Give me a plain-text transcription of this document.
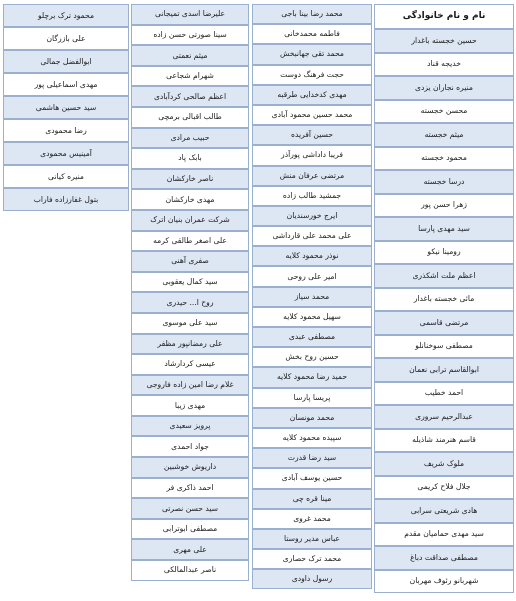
نام و نام خانوادگی
حسین خجسته باغدار
خدیجه قناد
منیره نجاران یزدی
محسن خجسته
میثم خجسته
محمود خجسته
درسا خجسته
زهرا حسن پور
سید مهدی پارسا
رومینا نیکو
اعظم ملت اشکذری
مائی خجسته باغدار
مرتضی قاسمی
مصطفی سوخنانلو
ابوالقاسم ترابی نعمان
احمد خطیب
عبدالرحیم سروری
قاسم هنرمند شاذیله
ملوک شریف
جلال فلاح کریمی
هادی شریعتی سرابی
سید مهدی حمامیان مقدم
مصطفی صداقت دباغ
شهربانو رئوف مهربان
محمد رضا بینا باجی
فاطمه محمدخانی
محمد تقی جهانبخش
حجت فرهنگ دوست
مهدی کدخدایی طرقبه
محمد حسین محمود آبادی
حسین آفریده
فریبا داداشی پورآذر
مرتضی عرفان منش
جمشید طالب زاده
ایرج خورسندیان
علی محمد علی قارداشی
نوذر محمود کلایه
امیر علی روحی
محمد سیاز
سهیل محمود کلایه
مصطفی عبدی
حسین روح بخش
حمید رضا محمود کلایه
پریسا پارسا
محمد مونسان
سپیده محمود کلایه
سید رضا قدرت
حسین یوسف آبادی
مینا قره چی
محمد غروی
عباس مدیر روستا
محمد ترک حصاری
رسول داودی
علیرضا اسدی تمیجانی
سینا صورتی حسن زاده
میثم نعمتی
شهرام شجاعی
اعظم صالحی کردآبادی
طالب اقبالی برمچی
حبیب مرادی
بابک پاد
ناصر خارکشان
مهدی خارکشان
شرکت عمران بنیان اترک
علی اصغر طالقی کرمه
صفری آهنی
سید کمال یعقوبی
روح ا... حیدری
سید علی موسوی
علی رمضانپور مظفر
عیسی کردارشاد
غلام رضا امین زاده فاروجی
مهدی زیبا
پرویز سعیدی
جواد احمدی
داریوش خوشبین
احمد ذاکری فر
سید حسن نصرتی
مصطفی ابوترابی
علی مهری
ناصر عبدالمالکی
محمود ترک برچلو
علی بازرگان
ابوالفضل جمالی
مهدی اسماعیلی پور
سید حسین هاشمی
رضا محمودی
آمینیس محمودی
منیره کیانی
بتول غفارزاده فاراب
